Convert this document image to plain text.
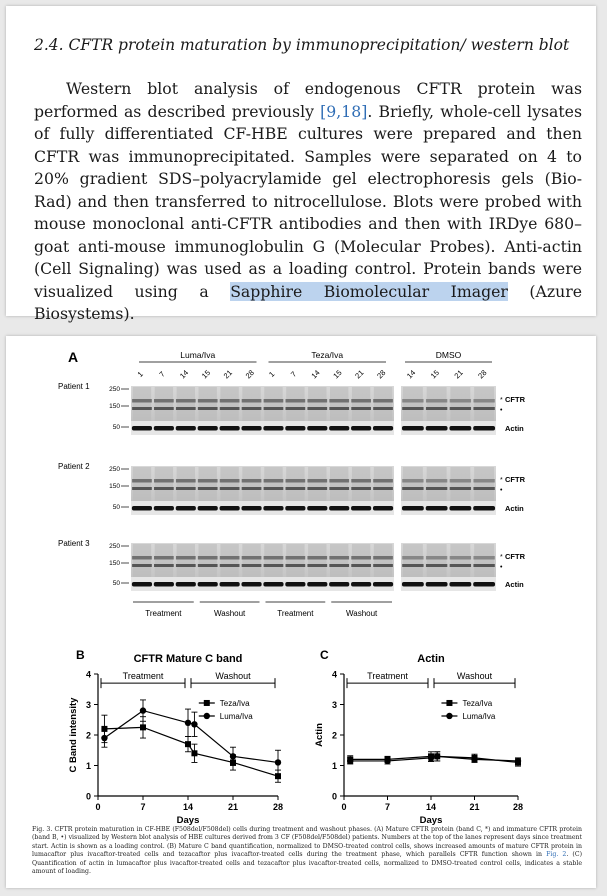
2.4. CFTR protein maturation by immunoprecipitation/ western blot
Western blot analysis of endogenous CFTR protein was performed as described previously [9,18]. Briefly, whole-cell lysates of fully differentiated CF-HBE cultures were prepared and then CFTR was immunoprecipitated. Samples were separated on 4 to 20% gradient SDS–polyacrylamide gel electrophoresis gels (Bio-Rad) and then transferred to nitrocellulose. Blots were probed with mouse monoclonal anti-CFTR antibodies and then with IRDye 680–goat anti-mouse immunoglobulin G (Molecular Probes). Anti-actin (Cell Signaling) was used as a loading control. Protein bands were visualized using a Sapphire Biomolecular Imager (Azure Biosystems).
A	Luma/Iva	Teza/Iva	DMSO
1 7 14 15 21 28 1 7 14 15 21 28 14 15 21 28
Patient 1	250
150
50
* CFTR
•
Actin
Patient 2	250
150
50
* CFTR
•
Actin
Patient 3	250
150
50
* CFTR
•
Actin
Treatment	Washout	Treatment	Washout
B	CFTR Mature C band
0
1
2
3
4
0	7	14	21	28
Days
C Band intensity
Treatment	Washout
Teza/Iva
Luma/Iva
C	Actin
0
1
2
3
4
0	7	14	21	28
Days
Actin
Treatment	Washout
Teza/Iva
Luma/Iva
Fig. 3. CFTR protein maturation in CF-HBE (F508del/F508del) cells during treatment and washout phases. (A) Mature CFTR protein (band C, *) and immature CFTR protein (band B, •) visualized by Western blot analysis of HBE cultures derived from 3 CF (F508del/F508del) patients. Numbers at the top of the lanes represent days since treatment start. Actin is shown as a loading control. (B) Mature C band quantification, normalized to DMSO-treated control cells, shows increased amounts of mature CFTR protein in lumacaftor plus ivacaftor-treated cells and tezacaftor plus ivacaftor-treated cells during the treatment phase, which parallels CFTR function shown in Fig. 2. (C) Quantification of actin in lumacaftor plus ivacaftor-treated cells and tezacaftor plus ivacaftor-treated cells, normalized to DMSO-treated control cells, indicates a stable amount of loading.
